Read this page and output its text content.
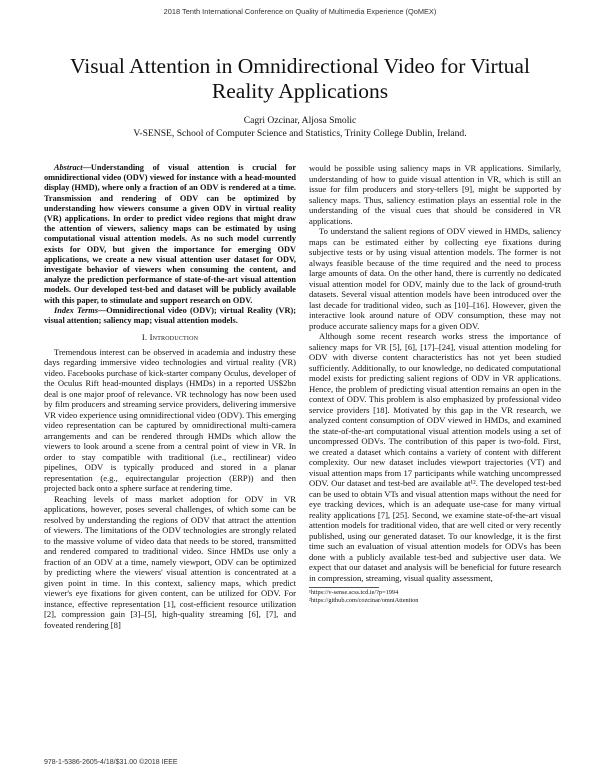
2018 Tenth International Conference on Quality of Multimedia Experience (QoMEX)
Visual Attention in Omnidirectional Video for Virtual Reality Applications
Cagri Ozcinar, Aljosa Smolic
V-SENSE, School of Computer Science and Statistics, Trinity College Dublin, Ireland.

Abstract—Understanding of visual attention is crucial for omnidirectional video (ODV) viewed for instance with a head-mounted display (HMD), where only a fraction of an ODV is rendered at a time. Transmission and rendering of ODV can be optimized by understanding how viewers consume a given ODV in virtual reality (VR) applications. In order to predict video regions that might draw the attention of viewers, saliency maps can be estimated by using computational visual attention models. As no such model currently exists for ODV, but given the importance for emerging ODV applications, we create a new visual attention user dataset for ODV, investigate behavior of viewers when consuming the content, and analyze the prediction performance of state-of-the-art visual attention models. Our developed test-bed and dataset will be publicly available with this paper, to stimulate and support research on ODV.

Index Terms—Omnidirectional video (ODV); virtual Reality (VR); visual attention; saliency map; visual attention models.

I. Introduction

Tremendous interest can be observed in academia and industry these days regarding immersive video technologies and virtual reality (VR) video. Facebooks purchase of kick-starter company Oculus, developer of the Oculus Rift head-mounted displays (HMDs) in a reported US$2bn deal is one major proof of relevance. VR technology has now been used by film producers and streaming service providers, delivering immersive VR video experience using omnidirectional video (ODV). This emerging video representation can be captured by omnidirectional multi-camera arrangements and can be rendered through HMDs which allow the viewers to look around a scene from a central point of view in VR. In order to stay compatible with traditional (i.e., rectilinear) video pipelines, ODV is typically produced and stored in a planar representation (e.g., equirectangular projection (ERP)) and then projected back onto a sphere surface at rendering time.

Reaching levels of mass market adoption for ODV in VR applications, however, poses several challenges, of which some can be resolved by understanding the regions of ODV that attract the attention of viewers. The limitations of the ODV technologies are strongly related to the massive volume of video data that needs to be stored, transmitted and rendered compared to traditional video. Since HMDs use only a fraction of an ODV at a time, namely viewport, ODV can be optimized by predicting where the viewers' visual attention is concentrated at a given point in time. In this context, saliency maps, which predict viewer's eye fixations for given content, can be utilized for ODV. For instance, effective representation [1], cost-efficient resource utilization [2], compression gain [3]–[5], high-quality streaming [6], [7], and foveated rendering [8]

would be possible using saliency maps in VR applications. Similarly, understanding of how to guide visual attention in VR, which is still an issue for film producers and story-tellers [9], might be supported by saliency maps. Thus, saliency estimation plays an essential role in the understanding of the visual cues that should be considered in VR applications.

To understand the salient regions of ODV viewed in HMDs, saliency maps can be estimated either by collecting eye fixations during subjective tests or by using visual attention models. The former is not always feasible because of the time required and the need to process large amounts of data. On the other hand, there is currently no dedicated visual attention model for ODV, mainly due to the lack of ground-truth datasets. Several visual attention models have been introduced over the last decade for traditional video, such as [10]–[16]. However, given the interactive look around nature of ODV consumption, these may not produce accurate saliency maps for a given ODV.

Although some recent research works stress the importance of saliency maps for VR [5], [6], [17]–[24], visual attention modeling for ODV with diverse content characteristics has not yet been studied sufficiently. Additionally, to our knowledge, no dedicated computational model exists for predicting salient regions of ODV in VR applications. Hence, the problem of predicting visual attention remains an open in the context of ODV. This problem is also emphasized by professional video service providers [18]. Motivated by this gap in the VR research, we analyzed content consumption of ODV viewed in HMDs, and examined the state-of-the-art computational visual attention models using a set of uncompressed ODVs. The contribution of this paper is two-fold. First, we created a dataset which contains a variety of content with different complexity. Our new dataset includes viewport trajectories (VT) and visual attention maps from 17 participants while watching uncompressed ODV. Our dataset and test-bed are available at¹². The developed test-bed can be used to obtain VTs and visual attention maps without the need for eye tracking devices, which is an adequate use-case for many virtual reality applications [7], [25]. Second, we examine state-of-the-art visual attention models for traditional video, that are well cited or very recently published, using our generated dataset. To our knowledge, it is the first time such an evaluation of visual attention models for ODVs has been done with a publicly available test-bed and subjective user data. We expect that our dataset and analysis will be beneficial for future research in compression, streaming, visual quality assessment,

¹https://v-sense.scss.tcd.ie/?p=1994
²https://github.com/cozcinar/omniAttention
978-1-5386-2605-4/18/$31.00 ©2018 IEEE
